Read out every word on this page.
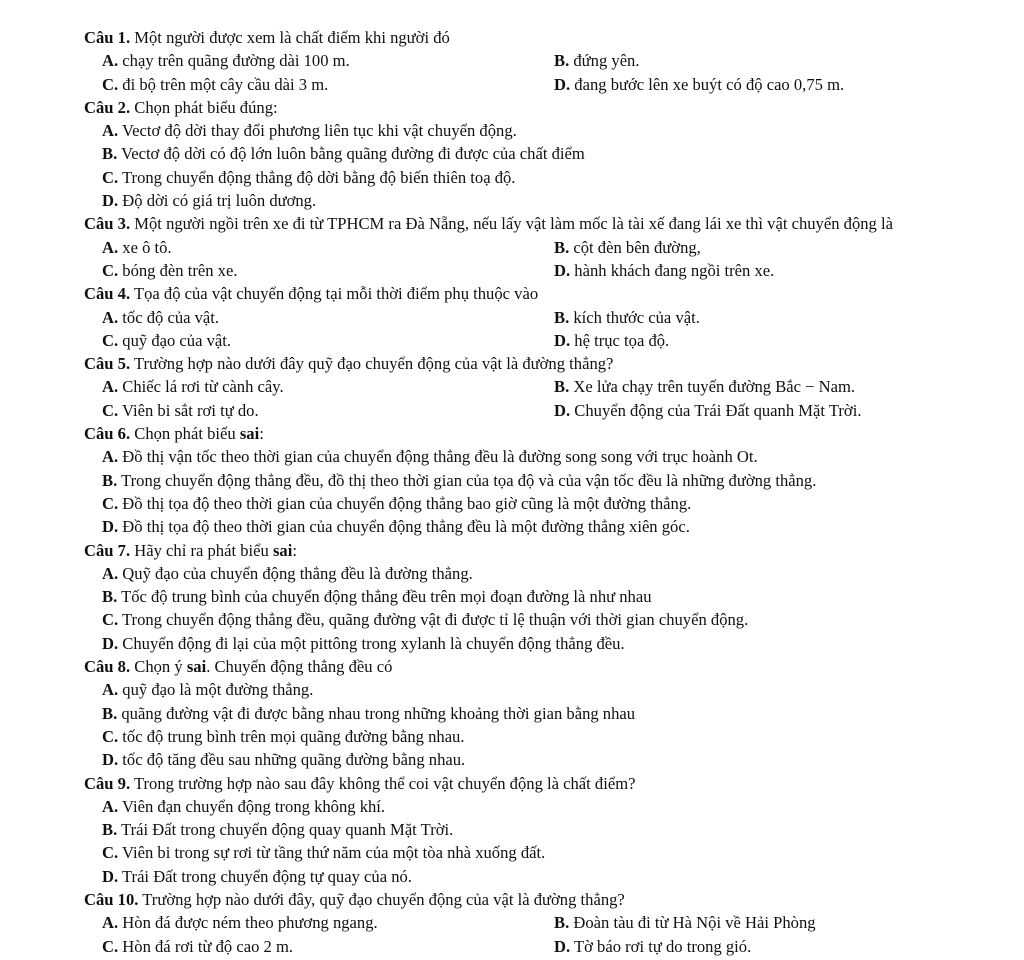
Câu 1. Một người được xem là chất điểm khi người đó
A. chạy trên quãng đường dài 100 m.	B. đứng yên.
C. đi bộ trên một cây cầu dài 3 m.	D. đang bước lên xe buýt có độ cao 0,75 m.
Câu 2. Chọn phát biểu đúng:
A. Vectơ độ dời thay đổi phương liên tục khi vật chuyển động.
B. Vectơ độ dời có độ lớn luôn bằng quãng đường đi được của chất điểm
C. Trong chuyển động thẳng độ dời bằng độ biến thiên toạ độ.
D. Độ dời có giá trị luôn dương.
Câu 3. Một người ngồi trên xe đi từ TPHCM ra Đà Nẵng, nếu lấy vật làm mốc là tài xế đang lái xe thì vật chuyển động là
A. xe ô tô.	B. cột đèn bên đường,
C. bóng đèn trên xe.	D. hành khách đang ngồi trên xe.
Câu 4. Tọa độ của vật chuyển động tại mỗi thời điểm phụ thuộc vào
A. tốc độ của vật.	B. kích thước của vật.
C. quỹ đạo của vật.	D. hệ trục tọa độ.
Câu 5. Trường hợp nào dưới đây quỹ đạo chuyển động của vật là đường thẳng?
A. Chiếc lá rơi từ cành cây.	B. Xe lửa chạy trên tuyến đường Bắc − Nam.
C. Viên bi sắt rơi tự do.	D. Chuyển động của Trái Đất quanh Mặt Trời.
Câu 6. Chọn phát biểu sai:
A. Đồ thị vận tốc theo thời gian của chuyển động thẳng đều là đường song song với trục hoành Ot.
B. Trong chuyển động thẳng đều, đồ thị theo thời gian của tọa độ và của vận tốc đều là những đường thẳng.
C. Đồ thị tọa độ theo thời gian của chuyển động thẳng bao giờ cũng là một đường thẳng.
D. Đồ thị tọa độ theo thời gian của chuyển động thẳng đều là một đường thẳng xiên góc.
Câu 7. Hãy chỉ ra phát biểu sai:
A. Quỹ đạo của chuyển động thẳng đều là đường thẳng.
B. Tốc độ trung bình của chuyển động thẳng đều trên mọi đoạn đường là như nhau
C. Trong chuyển động thẳng đều, quãng đường vật đi được tỉ lệ thuận với thời gian chuyển động.
D. Chuyển động đi lại của một pittông trong xylanh là chuyển động thẳng đều.
Câu 8. Chọn ý sai. Chuyển động thẳng đều có
A. quỹ đạo là một đường thẳng.
B. quãng đường vật đi được bằng nhau trong những khoảng thời gian bằng nhau
C. tốc độ trung bình trên mọi quãng đường bằng nhau.
D. tốc độ tăng đều sau những quãng đường bằng nhau.
Câu 9. Trong trường hợp nào sau đây không thể coi vật chuyển động là chất điểm?
A. Viên đạn chuyển động trong không khí.
B. Trái Đất trong chuyển động quay quanh Mặt Trời.
C. Viên bi trong sự rơi từ tầng thứ năm của một tòa nhà xuống đất.
D. Trái Đất trong chuyển động tự quay của nó.
Câu 10. Trường hợp nào dưới đây, quỹ đạo chuyển động của vật là đường thẳng?
A. Hòn đá được ném theo phương ngang.	B. Đoàn tàu đi từ Hà Nội về Hải Phòng
C. Hòn đá rơi từ độ cao 2 m.	D. Tờ báo rơi tự do trong gió.
